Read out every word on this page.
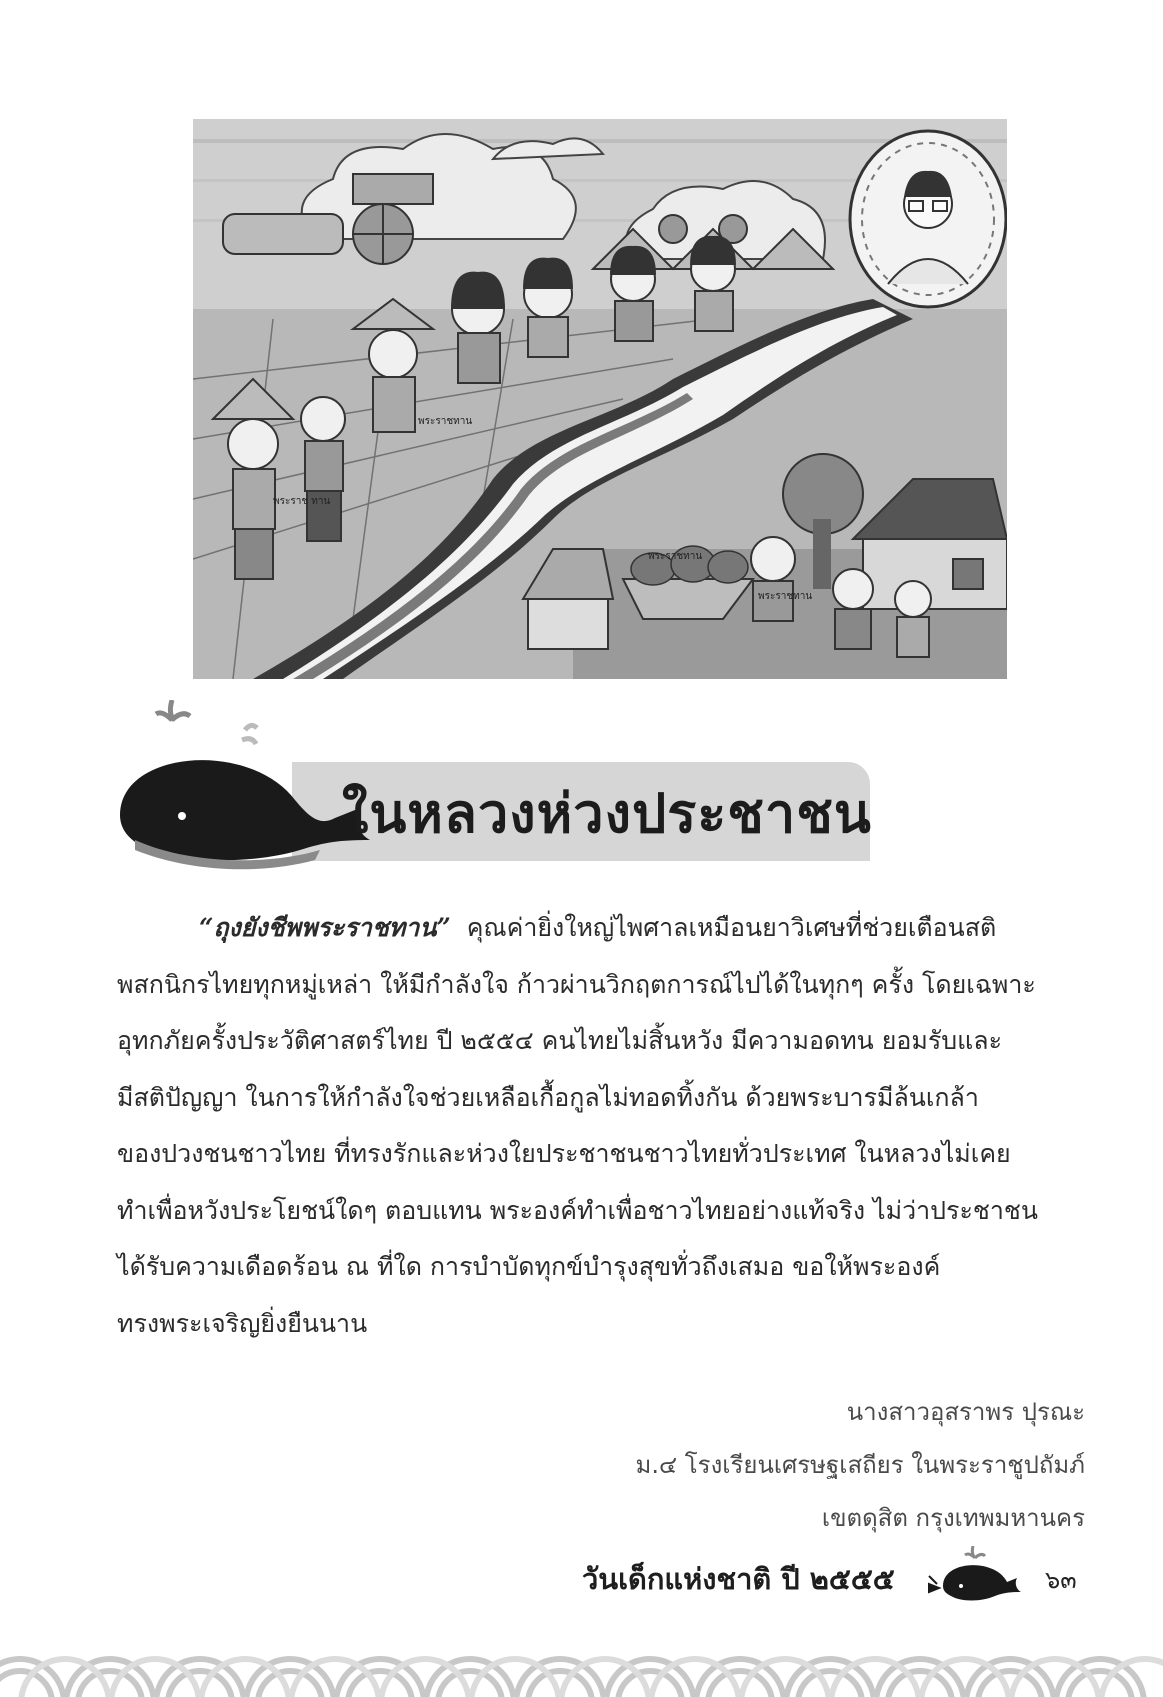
พระราชทาน
พระราช ทาน
พระราชทาน
พระราชทาน
ในหลวงห่วงประชาชน
“ถุงยังชีพพระราชทาน” คุณค่ายิ่งใหญ่ไพศาลเหมือนยาวิเศษที่ช่วยเตือนสติ
พสกนิกรไทยทุกหมู่เหล่า ให้มีกำลังใจ ก้าวผ่านวิกฤตการณ์ไปได้ในทุกๆ ครั้ง โดยเฉพาะ
อุทกภัยครั้งประวัติศาสตร์ไทย ปี ๒๕๕๔ คนไทยไม่สิ้นหวัง มีความอดทน ยอมรับและ
มีสติปัญญา ในการให้กำลังใจช่วยเหลือเกื้อกูลไม่ทอดทิ้งกัน ด้วยพระบารมีล้นเกล้า
ของปวงชนชาวไทย ที่ทรงรักและห่วงใยประชาชนชาวไทยทั่วประเทศ ในหลวงไม่เคย
ทำเพื่อหวังประโยชน์ใดๆ ตอบแทน พระองค์ทำเพื่อชาวไทยอย่างแท้จริง ไม่ว่าประชาชน
ได้รับความเดือดร้อน ณ ที่ใด การบำบัดทุกข์บำรุงสุขทั่วถึงเสมอ ขอให้พระองค์
ทรงพระเจริญยิ่งยืนนาน
นางสาวอุสราพร ปุรณะ
ม.๔ โรงเรียนเศรษฐเสถียร ในพระราชูปถัมภ์
เขตดุสิต กรุงเทพมหานคร
วันเด็กแห่งชาติ ปี ๒๕๕๕	๖๓
